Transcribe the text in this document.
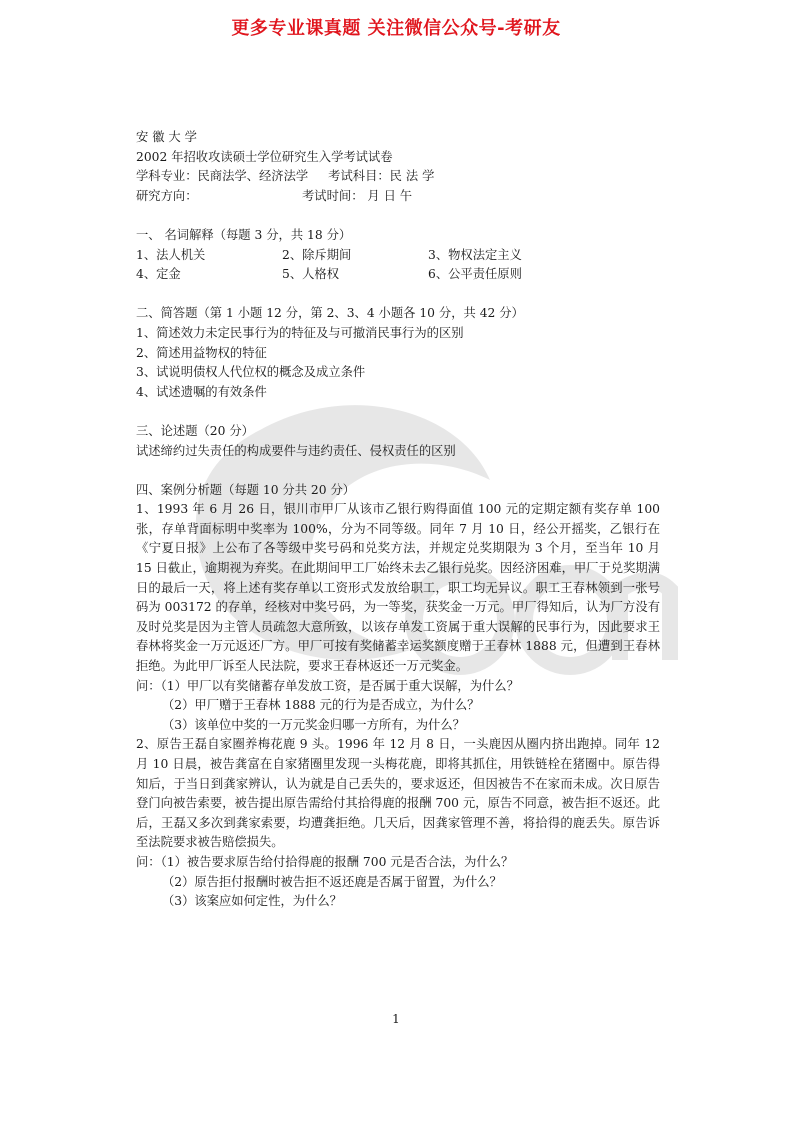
更多专业课真题 关注微信公众号-考研友
安 徽 大 学
2002 年招收攻读硕士学位研究生入学考试试卷
学科专业：民商法学、经济法学 考试科目：民 法 学
研究方向：	考试时间： 月 日 午
一、 名词解释（每题 3 分，共 18 分）
1、法人机关	2、除斥期间	3、物权法定主义
4、定金	5、人格权	6、公平责任原则
二、简答题（第 1 小题 12 分，第 2、3、4 小题各 10 分，共 42 分）
1、简述效力未定民事行为的特征及与可撤消民事行为的区别
2、简述用益物权的特征
3、试说明债权人代位权的概念及成立条件
4、试述遗嘱的有效条件
三、论述题（20 分）
试述缔约过失责任的构成要件与违约责任、侵权责任的区别
四、案例分析题（每题 10 分共 20 分）
1、1993 年 6 月 26 日，银川市甲厂从该市乙银行购得面值 100 元的定期定额有奖存单 100 张，存单背面标明中奖率为 100%，分为不同等级。同年 7 月 10 日，经公开摇奖，乙银行在《宁夏日报》上公布了各等级中奖号码和兑奖方法，并规定兑奖期限为 3 个月，至当年 10 月 15 日截止，逾期视为弃奖。在此期间甲工厂始终未去乙银行兑奖。因经济困难，甲厂于兑奖期满日的最后一天，将上述有奖存单以工资形式发放给职工，职工均无异议。职工王春林领到一张号码为 003172 的存单，经核对中奖号码，为一等奖，获奖金一万元。甲厂得知后，认为厂方没有及时兑奖是因为主管人员疏忽大意所致，以该存单发工资属于重大误解的民事行为，因此要求王春林将奖金一万元返还厂方。甲厂可按有奖储蓄幸运奖额度赠于王春林 1888 元，但遭到王春林拒绝。为此甲厂诉至人民法院，要求王春林返还一万元奖金。
问：（1）甲厂以有奖储蓄存单发放工资，是否属于重大误解，为什么？
（2）甲厂赠于王春林 1888 元的行为是否成立，为什么？
（3）该单位中奖的一万元奖金归哪一方所有，为什么？
2、原告王磊自家圈养梅花鹿 9 头。1996 年 12 月 8 日，一头鹿因从圈内挤出跑掉。同年 12 月 10 日晨，被告龚富在自家猪圈里发现一头梅花鹿，即将其抓住，用铁链栓在猪圈中。原告得知后，于当日到龚家辨认，认为就是自己丢失的，要求返还，但因被告不在家而未成。次日原告登门向被告索要，被告提出原告需给付其拾得鹿的报酬 700 元，原告不同意，被告拒不返还。此后，王磊又多次到龚家索要，均遭龚拒绝。几天后，因龚家管理不善，将拾得的鹿丢失。原告诉至法院要求被告赔偿损失。
问：（1）被告要求原告给付拾得鹿的报酬 700 元是否合法，为什么？
（2）原告拒付报酬时被告拒不返还鹿是否属于留置，为什么？
（3）该案应如何定性，为什么？
1
